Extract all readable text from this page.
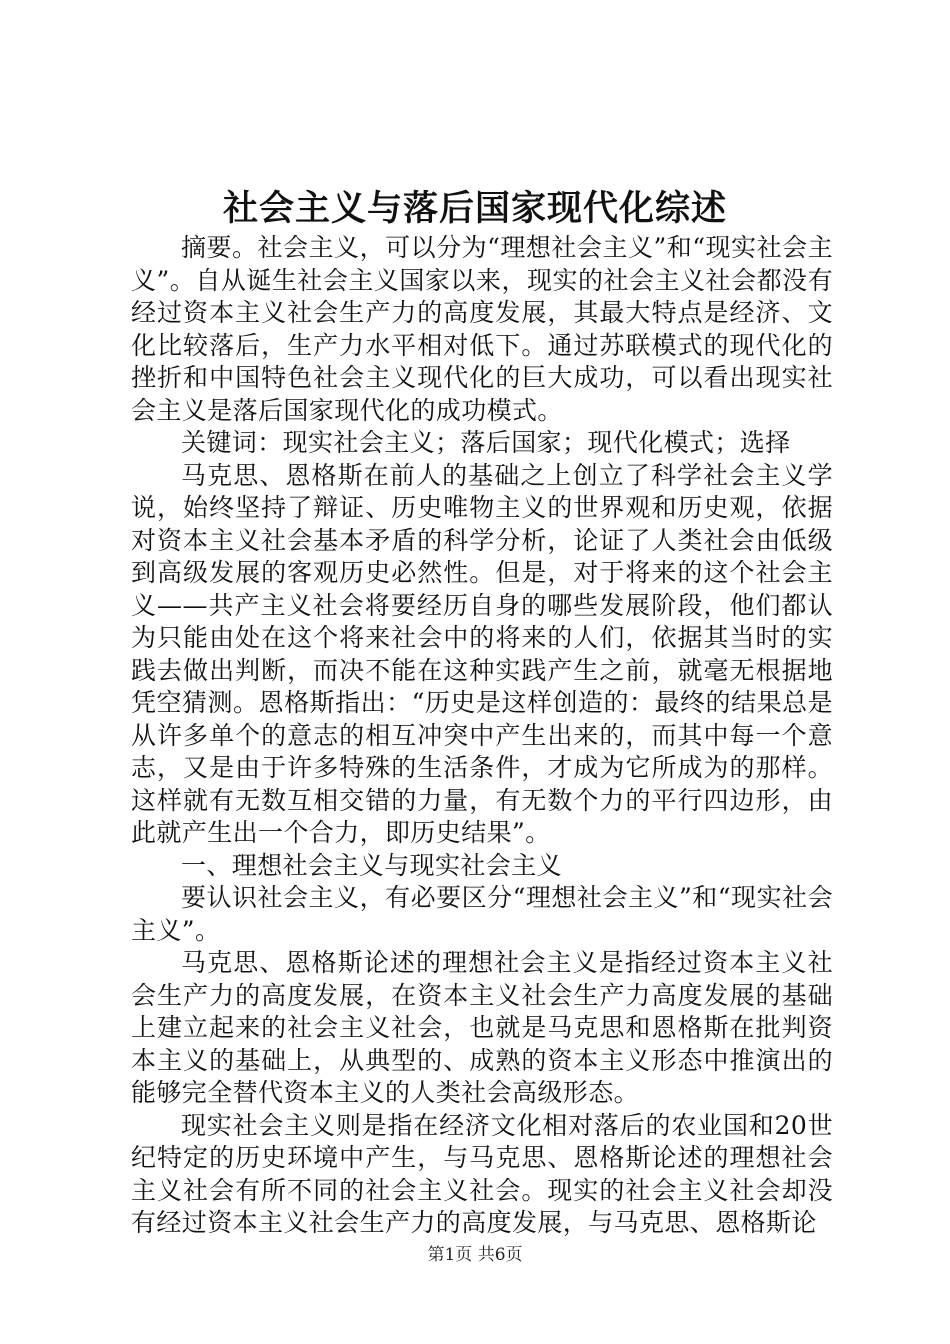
社会主义与落后国家现代化综述

摘要。社会主义，可以分为“理想社会主义”和“现实社会主义”。自从诞生社会主义国家以来，现实的社会主义社会都没有经过资本主义社会生产力的高度发展，其最大特点是经济、文化比较落后，生产力水平相对低下。通过苏联模式的现代化的挫折和中国特色社会主义现代化的巨大成功，可以看出现实社会主义是落后国家现代化的成功模式。

关键词：现实社会主义；落后国家；现代化模式；选择

马克思、恩格斯在前人的基础之上创立了科学社会主义学说，始终坚持了辩证、历史唯物主义的世界观和历史观，依据对资本主义社会基本矛盾的科学分析，论证了人类社会由低级到高级发展的客观历史必然性。但是，对于将来的这个社会主义——共产主义社会将要经历自身的哪些发展阶段，他们都认为只能由处在这个将来社会中的将来的人们，依据其当时的实践去做出判断，而决不能在这种实践产生之前，就毫无根据地凭空猜测。恩格斯指出：“历史是这样创造的：最终的结果总是从许多单个的意志的相互冲突中产生出来的，而其中每一个意志，又是由于许多特殊的生活条件，才成为它所成为的那样。这样就有无数互相交错的力量，有无数个力的平行四边形，由此就产生出一个合力，即历史结果”。

一、理想社会主义与现实社会主义

要认识社会主义，有必要区分“理想社会主义”和“现实社会主义”。

马克思、恩格斯论述的理想社会主义是指经过资本主义社会生产力的高度发展，在资本主义社会生产力高度发展的基础上建立起来的社会主义社会，也就是马克思和恩格斯在批判资本主义的基础上，从典型的、成熟的资本主义形态中推演出的能够完全替代资本主义的人类社会高级形态。

现实社会主义则是指在经济文化相对落后的农业国和20世纪特定的历史环境中产生，与马克思、恩格斯论述的理想社会主义社会有所不同的社会主义社会。现实的社会主义社会却没有经过资本主义社会生产力的高度发展，与马克思、恩格斯论

第1页 共6页
